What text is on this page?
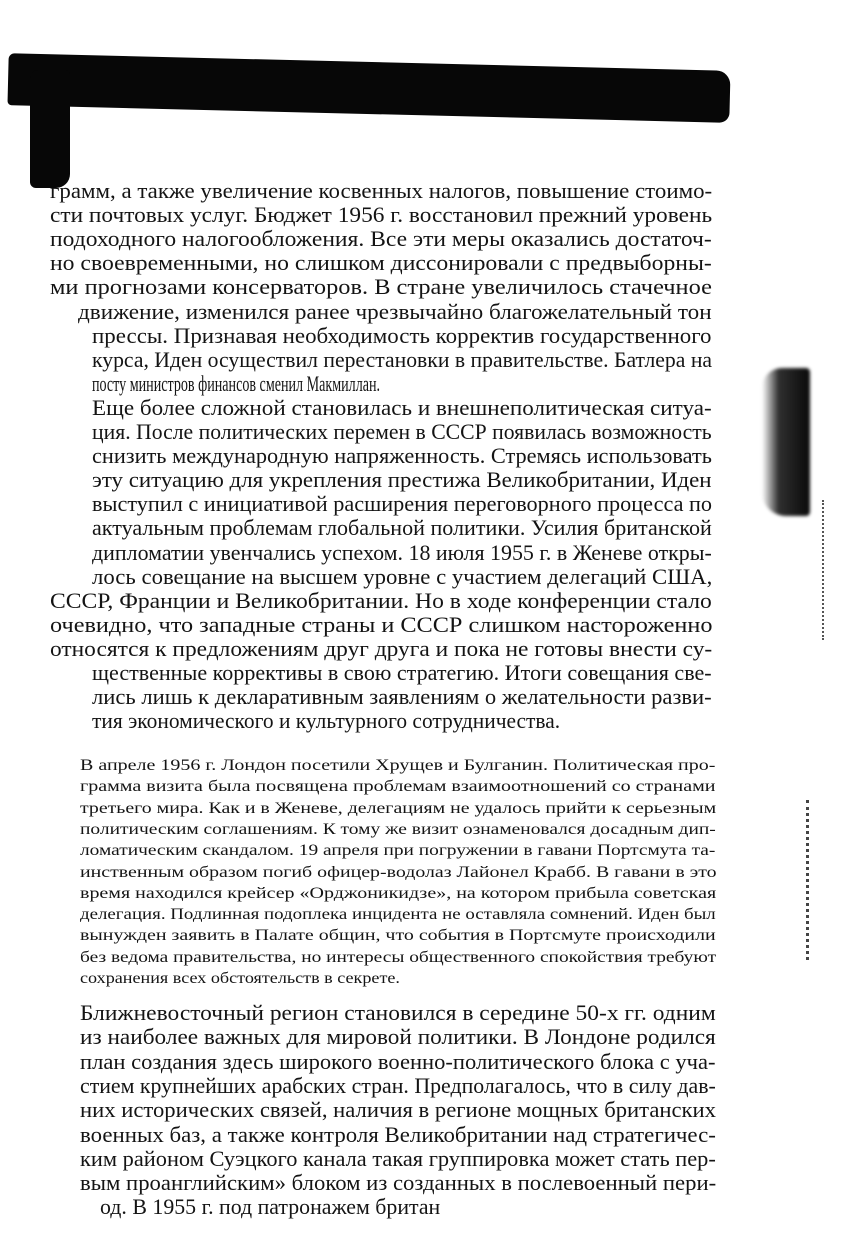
грамм, а также увеличение косвенных налогов, повышение стоимо-
сти почтовых услуг. Бюджет 1956 г. восстановил прежний уровень
подоходного налогообложения. Все эти меры оказались достаточ-
но своевременными, но слишком диссонировали с предвыборны-
ми прогнозами консерваторов. В стране увеличилось стачечное
движение, изменился ранее чрезвычайно благожелательный тон
прессы. Признавая необходимость корректив государственного
курса, Иден осуществил перестановки в правительстве. Батлера на
посту министров финансов сменил Макмиллан.
Еще более сложной становилась и внешнеполитическая ситуа-
ция. После политических перемен в СССР появилась возможность
снизить международную напряженность. Стремясь использовать
эту ситуацию для укрепления престижа Великобритании, Иден
выступил с инициативой расширения переговорного процесса по
актуальным проблемам глобальной политики. Усилия британской
дипломатии увенчались успехом. 18 июля 1955 г. в Женеве откры-
лось совещание на высшем уровне с участием делегаций США,
СССР, Франции и Великобритании. Но в ходе конференции стало
очевидно, что западные страны и СССР слишком настороженно
относятся к предложениям друг друга и пока не готовы внести су-
щественные коррективы в свою стратегию. Итоги совещания све-
лись лишь к декларативным заявлениям о желательности разви-
тия экономического и культурного сотрудничества.
В апреле 1956 г. Лондон посетили Хрущев и Булганин. Политическая про-
грамма визита была посвящена проблемам взаимоотношений со странами
третьего мира. Как и в Женеве, делегациям не удалось прийти к серьезным
политическим соглашениям. К тому же визит ознаменовался досадным дип-
ломатическим скандалом. 19 апреля при погружении в гавани Портсмута та-
инственным образом погиб офицер-водолаз Лайонел Крабб. В гавани в это
время находился крейсер «Орджоникидзе», на котором прибыла советская
делегация. Подлинная подоплека инцидента не оставляла сомнений. Иден был
вынужден заявить в Палате общин, что события в Портсмуте происходили
без ведома правительства, но интересы общественного спокойствия требуют
сохранения всех обстоятельств в секрете.
Ближневосточный регион становился в середине 50-х гг. одним
из наиболее важных для мировой политики. В Лондоне родился
план создания здесь широкого военно-политического блока с уча-
стием крупнейших арабских стран. Предполагалось, что в силу дав-
них исторических связей, наличия в регионе мощных британских
военных баз, а также контроля Великобритании над стратегичес-
ким районом Суэцкого канала такая группировка может стать пер-
вым проанглийским» блоком из созданных в послевоенный пери-
од. В 1955 г. под патронажем британ
